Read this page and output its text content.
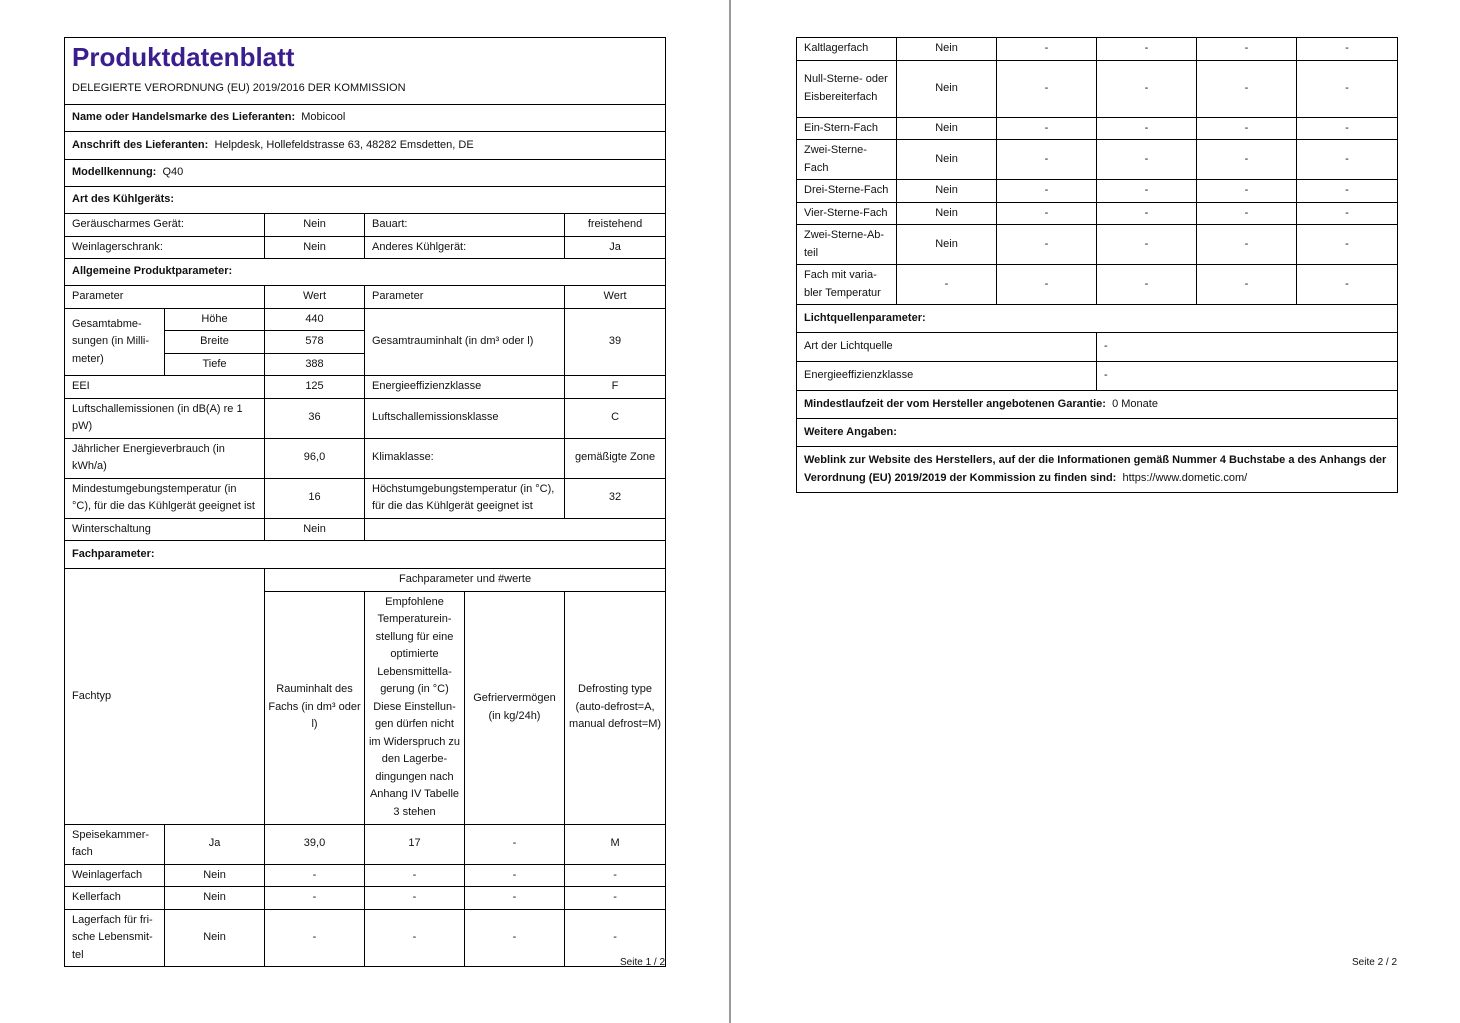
Produktdatenblatt					

DELEGIERTE VERORDNUNG (EU) 2019/2016 DER KOMMISSION					
Name oder Handelsmarke des Lieferanten: Mobicool					
Anschrift des Lieferanten: Helpdesk, Hollefeldstrasse 63, 48282 Emsdetten, DE					
Modellkennung: Q40					
Art des Kühlgeräts:					
Geräuscharmes Gerät:		Nein	Bauart:		freistehend
Weinlagerschrank:		Nein	Anderes Kühlgerät:		Ja
Allgemeine Produktparameter:					
Parameter		Wert	Parameter		Wert
Gesamtabmesungen (in Millimeter)	Höhe	440	Gesamtrauminhalt (in dm³ oder l)		39
	Breite	578			
	Tiefe	388			
EEI		125	Energieeffizienzklasse		F
Luftschallemissionen (in dB(A) re 1 pW)		36	Luftschallemissionsklasse		C
Jährlicher Energieverbrauch (in kWh/a)		96,0	Klimaklasse:		gemäßigte Zone
Mindestumgebungstemperatur (in °C), für die das Kühlgerät geeignet ist		16	Höchstumgebungstemperatur (in °C), für die das Kühlgerät geeignet ist		32
Winterschaltung		Nein			
Fachparameter:					
Fachtyp		Fachparameter und #werte			
		Rauminhalt des Fachs (in dm³ oder l)	Empfohlene Temperatureinstellung für eine optimierte Lebensmittellagerung (in °C) Diese Einstellungen dürfen nicht im Widerspruch zu den Lagerbedingungen nach Anhang IV Tabelle 3 stehen	Gefriervermögen (in kg/24h)	Defrosting type (auto-defrost=A, manual defrost=M)
Speisekammerfach	Ja	39,0	17	-	M
Weinlagerfach	Nein	-	-	-	-
Kellerfach	Nein	-	-	-	-
Lagerfach für frische Lebensmittel	Nein	-	-	-	-
Seite 1 / 2
Kaltlagerfach	Nein	-	-	-	-
Null-Sterne- oder Eisbereiterfach	Nein	-	-	-	-
Ein-Stern-Fach	Nein	-	-	-	-
Zwei-Sterne-Fach	Nein	-	-	-	-
Drei-Sterne-Fach	Nein	-	-	-	-
Vier-Sterne-Fach	Nein	-	-	-	-
Zwei-Sterne-Abteil	Nein	-	-	-	-
Fach mit variabler Temperatur	-	-	-	-	-
Lichtquellenparameter:					
Art der Lichtquelle			-		
Energieeffizienzklasse			-		
Mindestlaufzeit der vom Hersteller angebotenen Garantie: 0 Monate					
Weitere Angaben:					
Weblink zur Website des Herstellers, auf der die Informationen gemäß Nummer 4 Buchstabe a des Anhangs der Verordnung (EU) 2019/2019 der Kommission zu finden sind: https://www.dometic.com/					
Seite 2 / 2
